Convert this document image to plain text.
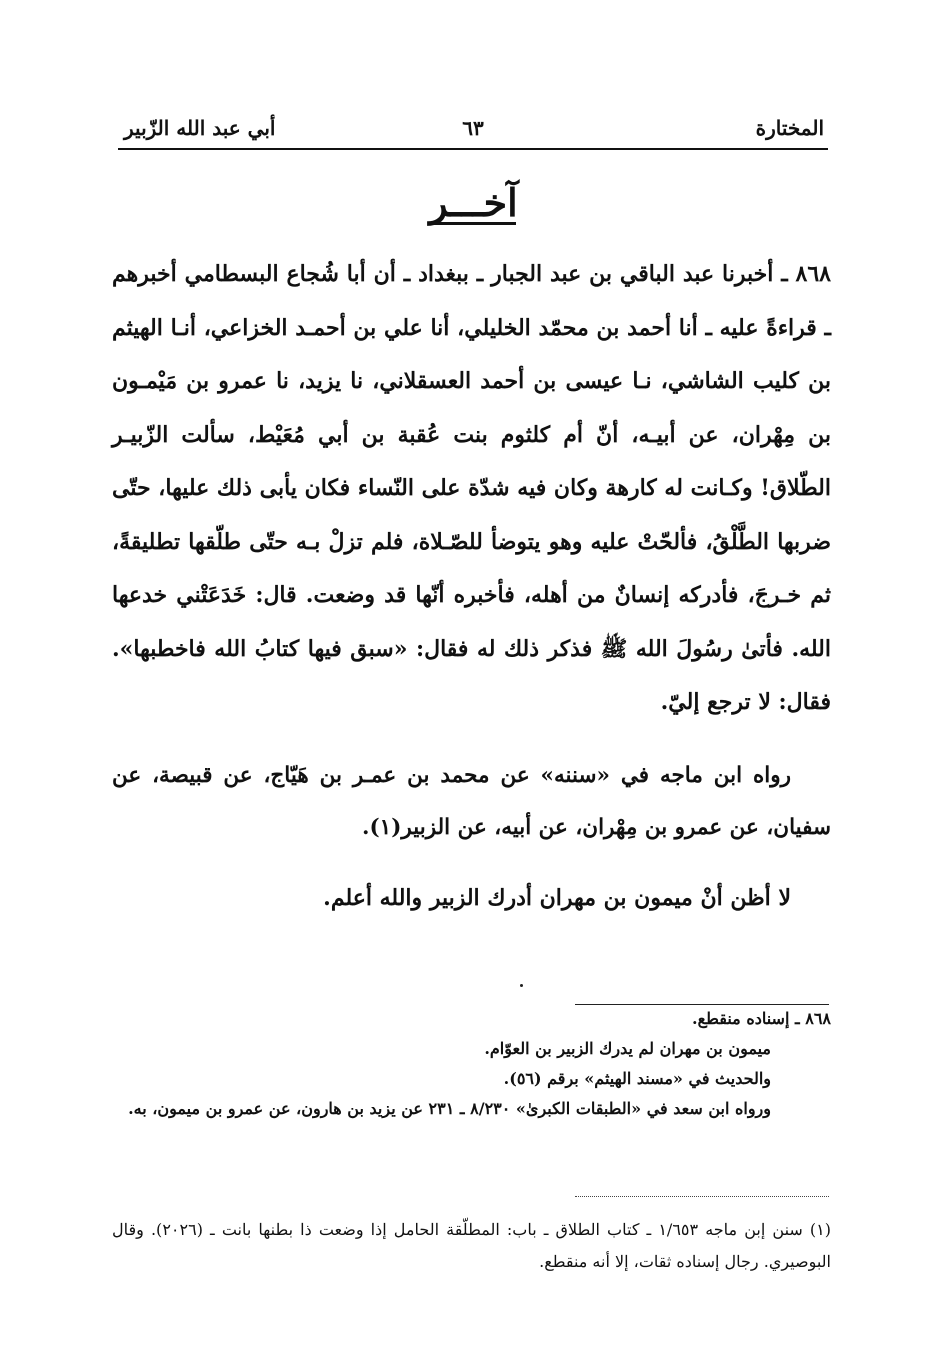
المختارة
٦٣
أبي عبد الله الزّبير
آخـــر

٨٦٨ ـ أخبرنا عبد الباقي بن عبد الجبار ـ ببغداد ـ أن أبا شُجاع البسطامي أخبرهم ـ قراءةً عليه ـ أنا أحمد بن محمّد الخليلي، أنا علي بن أحمـد الخزاعي، أنـا الهيثم بن كليب الشاشي، نـا عيسى بن أحمد العسقلاني، نا يزيد، نا عمرو بن مَيْمـون بن مِهْران، عن أبيـه، أنّ أم كلثوم بنت عُقبة بن أبي مُعَيْط، سألت الزّبيـر الطّلاق! وكـانت له كارهة وكان فيه شدّة على النّساء فكان يأبى ذلك عليها، حتّى ضربها الطَّلْقُ، فألحّتْ عليه وهو يتوضأ للصّـلاة، فلم تزلْ بـه حتّى طلّقها تطليقةً، ثم خـرجَ، فأدركه إنسانٌ من أهله، فأخبره أنّها قد وضعت. قال: خَدَعَتْني خدعها الله. فأتىٰ رسُولَ الله ﷺ فذكر ذلك له فقال: «سبق فيها كتابُ الله فاخطبها». فقال: لا ترجع إليّ.

رواه ابن ماجه في «سننه» عن محمد بن عمـر بن هَيّاج، عن قبيصة، عن سفيان، عن عمرو بن مِهْران، عن أبيه، عن الزبير(١).

لا أظن أنْ ميمون بن مهران أدرك الزبير والله أعلم.

٨٦٨ ـ إسناده منقطع.

ميمون بن مهران لم يدرك الزبير بن العوّام.

والحديث في «مسند الهيثم» برقم (٥٦).

ورواه ابن سعد في «الطبقات الكبرىٰ» ٨/٢٣٠ ـ ٢٣١ عن يزيد بن هارون، عن عمرو بن ميمون، به.

(١) سنن إبن ماجه ١/٦٥٣ ـ كتاب الطلاق ـ باب: المطلّقة الحامل إذا وضعت ذا بطنها بانت ـ (٢٠٢٦). وقال البوصيري. رجال إسناده ثقات، إلا أنه منقطع.
